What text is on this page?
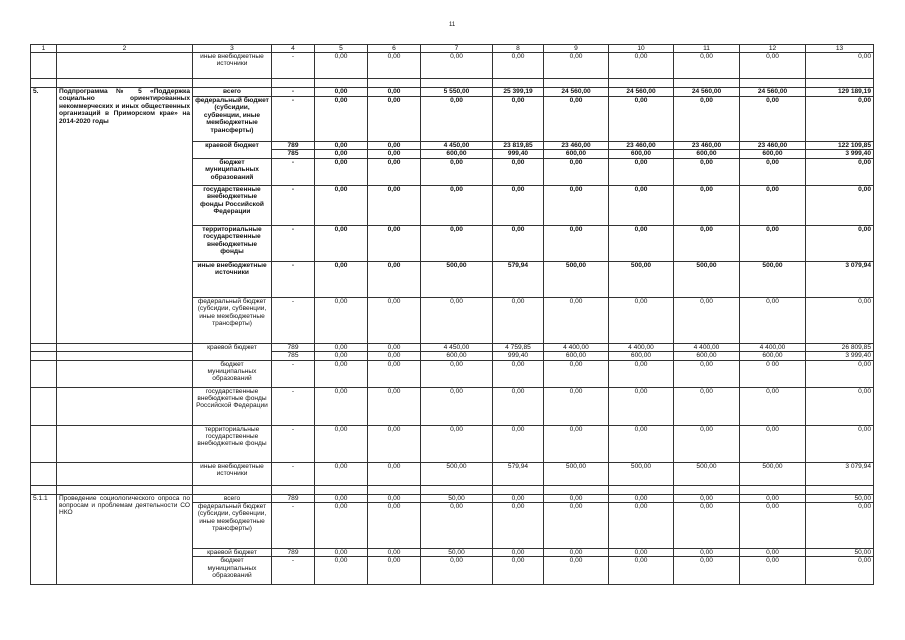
11
1	2	3	4	5	6	7	8	9	10	11	12	13
		иные внебюджетные источники	-	0,00	0,00	0,00	0,00	0,00	0,00	0,00	0,00	0,00

5.	Подпрограмма № 5 «Поддержка социально ориентированных некоммерческих и иных общественных организаций в Приморском крае» на 2014-2020 годы	всего	-	0,00	0,00	5 550,00	25 399,19	24 560,00	24 560,00	24 560,00	24 560,00	129 189,19
		федеральный бюджет (субсидии, субвенции, иные межбюджетные трансферты)	-	0,00	0,00	0,00	0,00	0,00	0,00	0,00	0,00	0,00
		краевой бюджет	789	0,00	0,00	4 450,00	23 819,85	23 460,00	23 460,00	23 460,00	23 460,00	122 109,85
			785	0,00	0,00	600,00	999,40	600,00	600,00	600,00	600,00	3 999,40
		бюджет муниципальных образований	-	0,00	0,00	0,00	0,00	0,00	0,00	0,00	0,00	0,00
		государственные внебюджетные фонды Российской Федерации	-	0,00	0,00	0,00	0,00	0,00	0,00	0,00	0,00	0,00
		территориальные государственные внебюджетные фонды	-	0,00	0,00	0,00	0,00	0,00	0,00	0,00	0,00	0,00
		иные внебюджетные источники	-	0,00	0,00	500,00	579,94	500,00	500,00	500,00	500,00	3 079,94
		федеральный бюджет (субсидии, субвенции, иные межбюджетные трансферты)	-	0,00	0,00	0,00	0,00	0,00	0,00	0,00	0,00	0,00
		краевой бюджет	789	0,00	0,00	4 450,00	4 759,85	4 400,00	4 400,00	4 400,00	4 400,00	26 809,85
			785	0,00	0,00	600,00	999,40	600,00	600,00	600,00	600,00	3 999,40
		бюджет муниципальных образований	-	0,00	0,00	0,00	0,00	0,00	0,00	0,00	0 00	0,00
		государственные внебюджетные фонды Российской Федерации	-	0,00	0,00	0,00	0,00	0,00	0,00	0,00	0,00	0,00
		территориальные государственные внебюджетные фонды	-	0,00	0,00	0,00	0,00	0,00	0,00	0,00	0,00	0,00
		иные внебюджетные источники	-	0,00	0,00	500,00	579,94	500,00	500,00	500,00	500,00	3 079,94

5.1.1	Проведение социологического опроса по вопросам и проблемам деятельности СО НКО	всего	789	0,00	0,00	50,00	0,00	0,00	0,00	0,00	0,00	50,00
		федеральный бюджет (субсидии, субвенции, иные межбюджетные трансферты)	-	0,00	0,00	0,00	0,00	0,00	0,00	0,00	0,00	0,00
		краевой бюджет	789	0,00	0,00	50,00	0,00	0,00	0,00	0,00	0,00	50,00
		бюджет муниципальных образований	-	0,00	0,00	0,00	0,00	0,00	0,00	0,00	0,00	0,00
